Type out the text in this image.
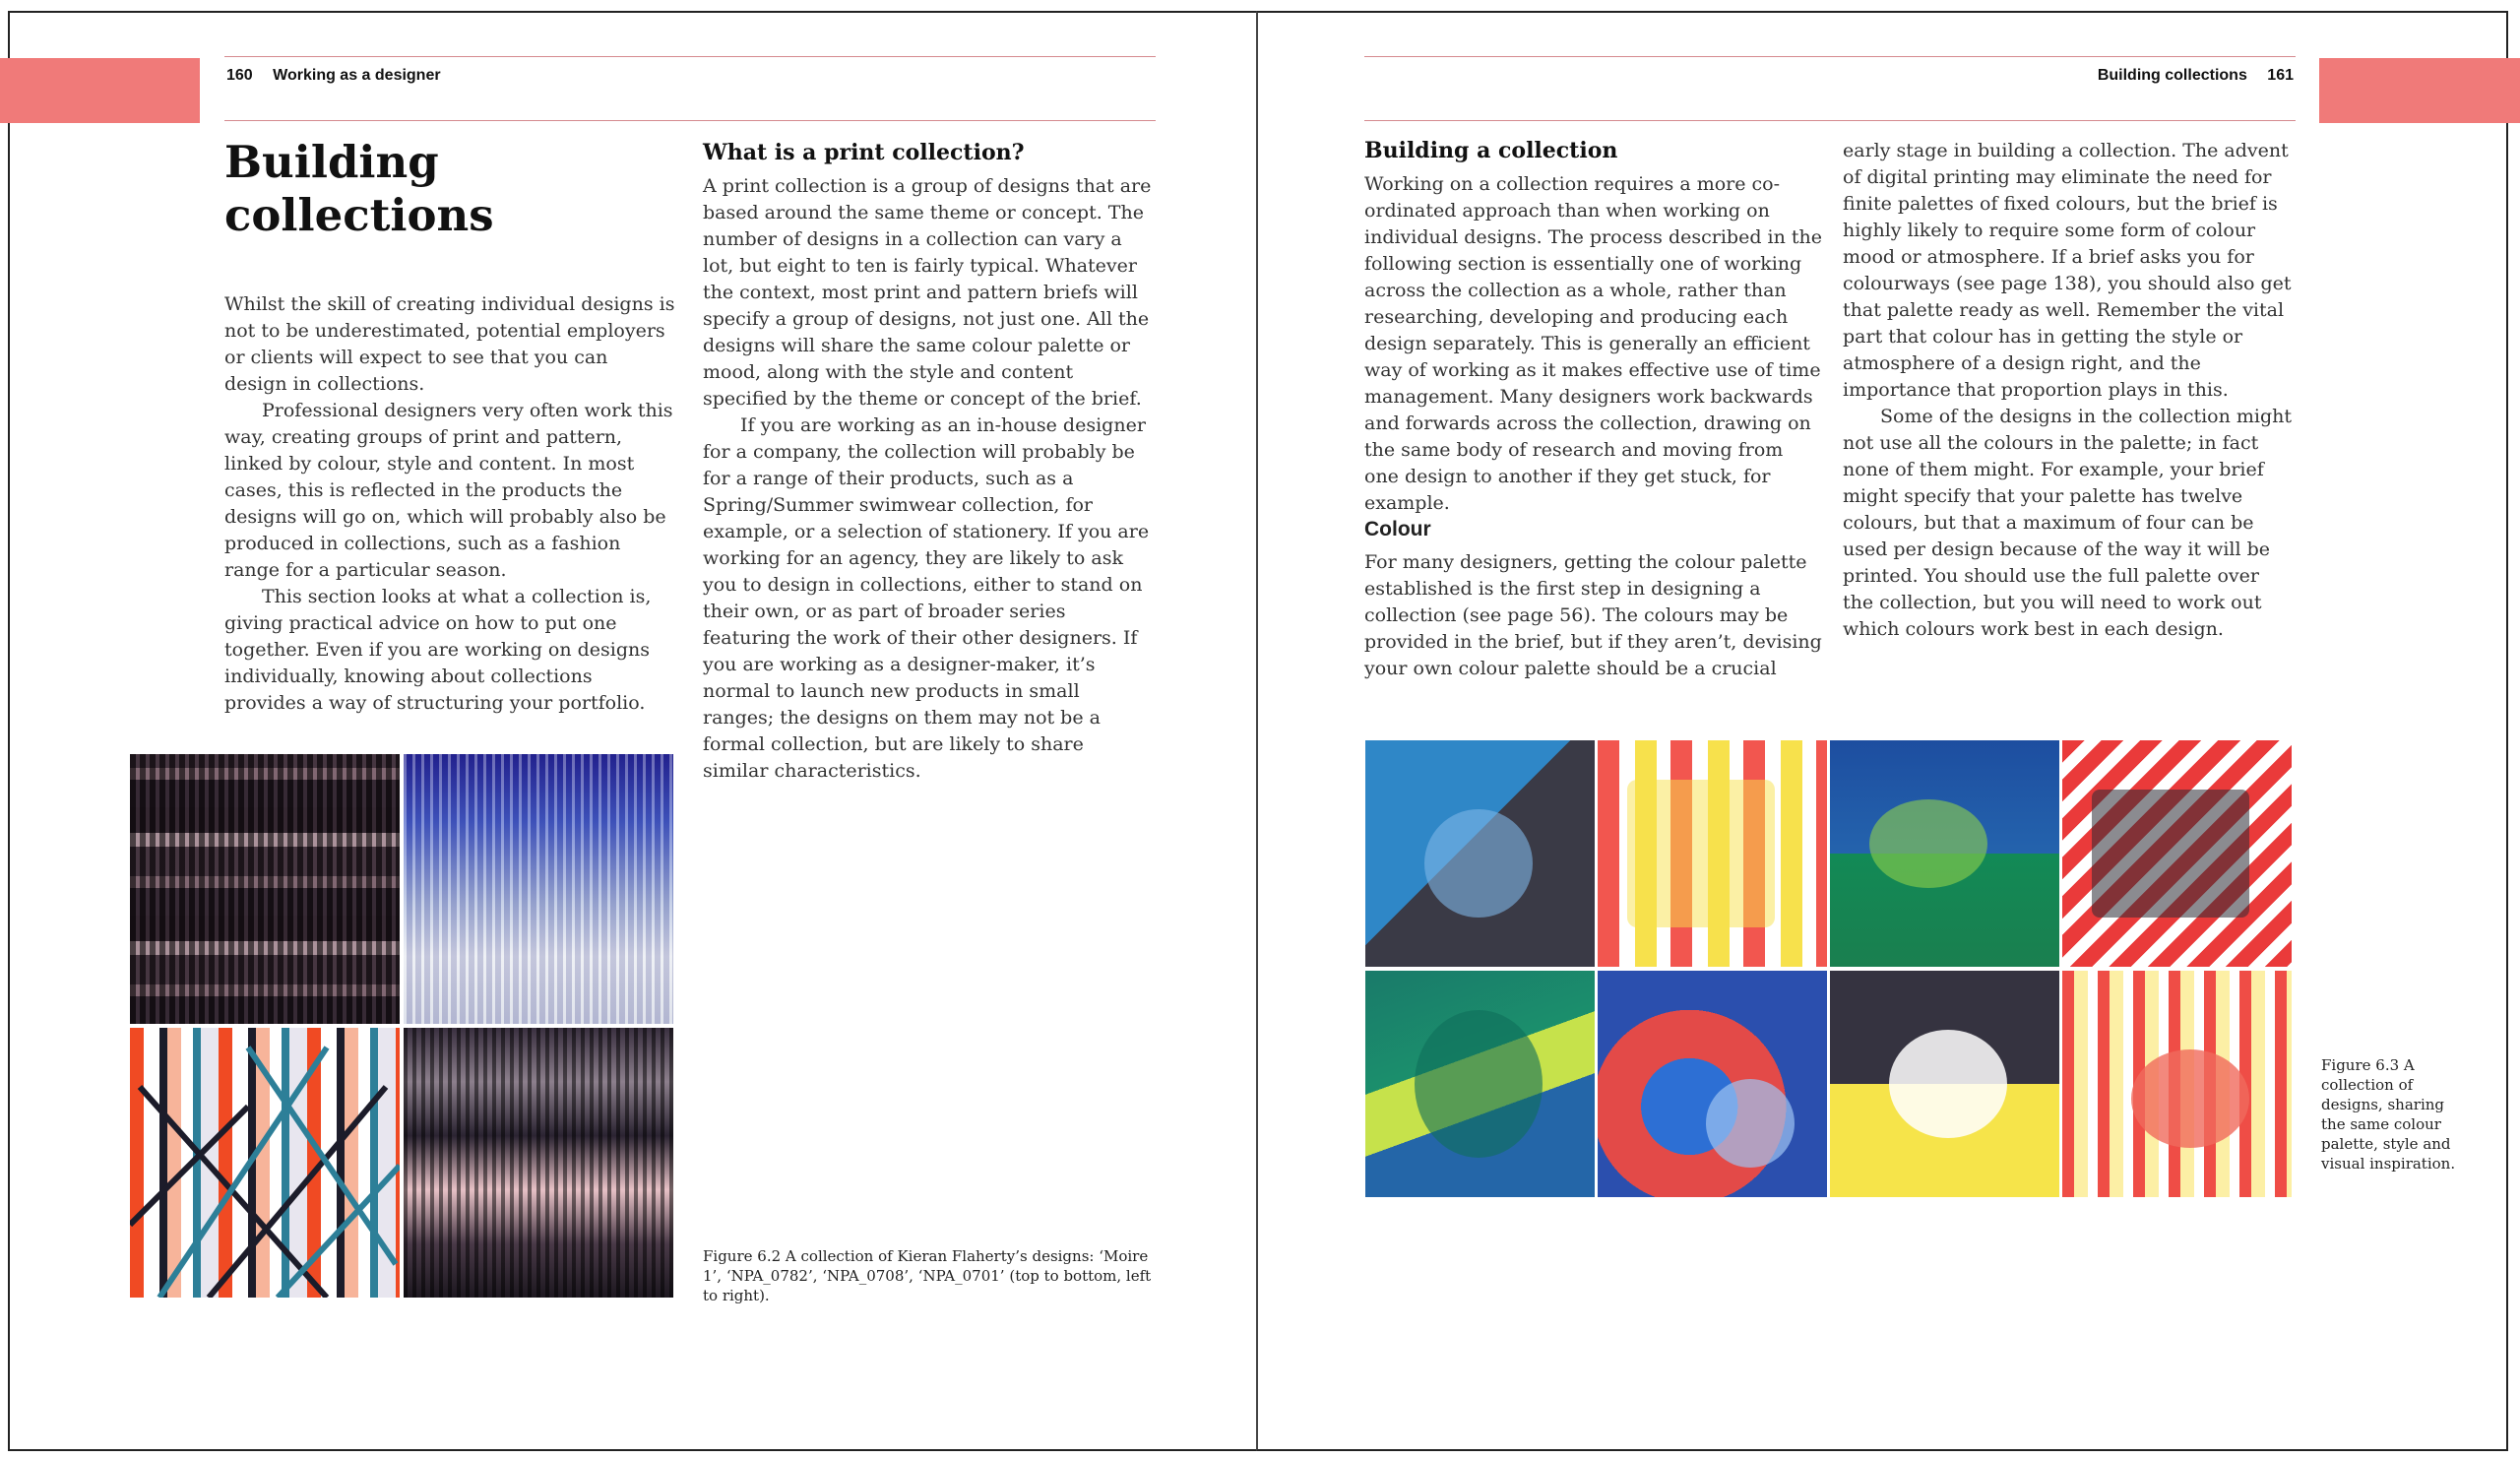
160 Working as a designer	Building collections 161
Building
collections

Whilst the skill of creating individual designs is not to be underestimated, potential employers or clients will expect to see that you can design in collections.

Professional designers very often work this way, creating groups of print and pattern, linked by colour, style and content. In most cases, this is reflected in the products the designs will go on, which will probably also be produced in collections, such as a fashion range for a particular season.

This section looks at what a collection is, giving practical advice on how to put one together. Even if you are working on designs individually, knowing about collections provides a way of structuring your portfolio.

What is a print collection?

A print collection is a group of designs that are based around the same theme or concept. The number of designs in a collection can vary a lot, but eight to ten is fairly typical. Whatever the context, most print and pattern briefs will specify a group of designs, not just one. All the designs will share the same colour palette or mood, along with the style and content specified by the theme or concept of the brief.

If you are working as an in-house designer for a company, the collection will probably be for a range of their products, such as a Spring/Summer swimwear collection, for example, or a selection of stationery. If you are working for an agency, they are likely to ask you to design in collections, either to stand on their own, or as part of broader series featuring the work of their other designers. If you are working as a designer-maker, it’s normal to launch new products in small ranges; the designs on them may not be a formal collection, but are likely to share similar characteristics.

Figure 6.2 A collection of Kieran Flaherty’s designs: ‘Moire 1’, ‘NPA_0782’, ‘NPA_0708’, ‘NPA_0701’ (top to bottom, left to right).

Building a collection

Working on a collection requires a more co-ordinated approach than when working on individual designs. The process described in the following section is essentially one of working across the collection as a whole, rather than researching, developing and producing each design separately. This is generally an efficient way of working as it makes effective use of time management. Many designers work backwards and forwards across the collection, drawing on the same body of research and moving from one design to another if they get stuck, for example.

Colour

For many designers, getting the colour palette established is the first step in designing a collection (see page 56). The colours may be provided in the brief, but if they aren’t, devising your own colour palette should be a crucial

early stage in building a collection. The advent of digital printing may eliminate the need for finite palettes of fixed colours, but the brief is highly likely to require some form of colour mood or atmosphere. If a brief asks you for colourways (see page 138), you should also get that palette ready as well. Remember the vital part that colour has in getting the style or atmosphere of a design right, and the importance that proportion plays in this.

Some of the designs in the collection might not use all the colours in the palette; in fact none of them might. For example, your brief might specify that your palette has twelve colours, but that a maximum of four can be used per design because of the way it will be printed. You should use the full palette over the collection, but you will need to work out which colours work best in each design.

Figure 6.3 A collection of designs, sharing the same colour palette, style and visual inspiration.
